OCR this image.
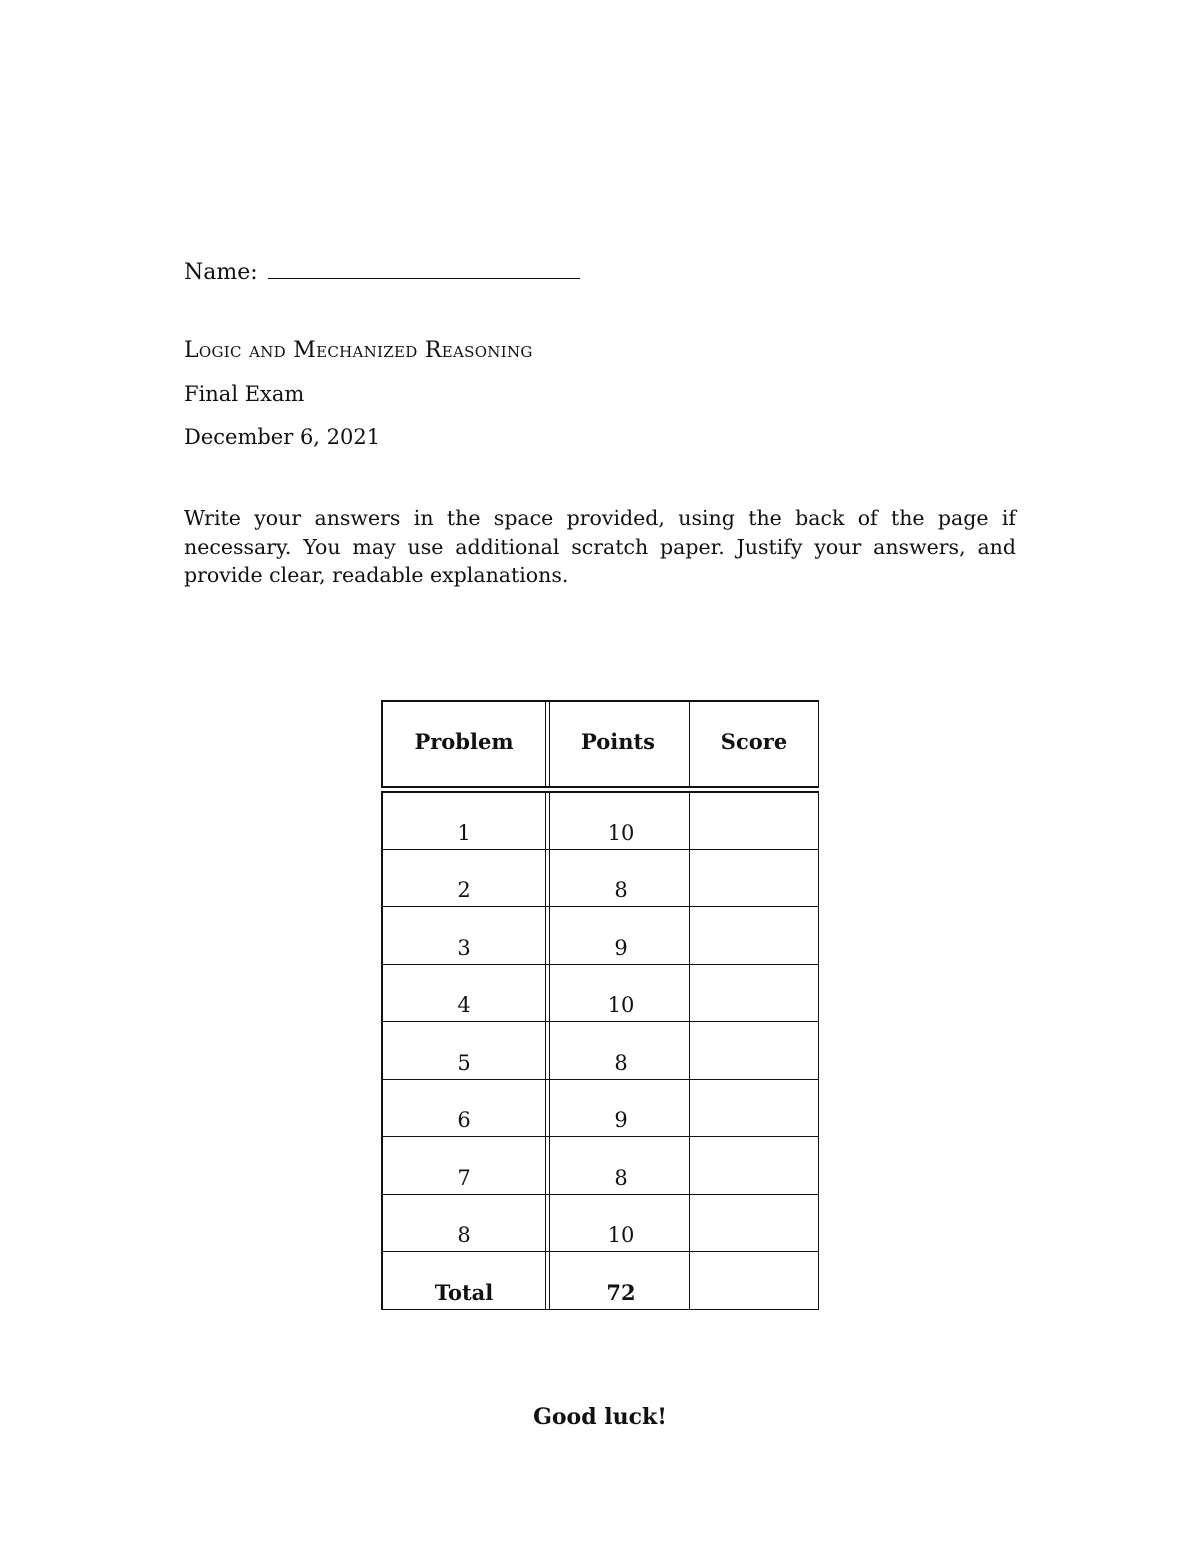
Name:
Logic and Mechanized Reasoning
Final Exam
December 6, 2021

Write your answers in the space provided, using the back of the page if necessary. You may use additional scratch paper. Justify your answers, and provide clear, readable explanations.

Problem	Points	Score
1	10
2	8
3	9
4	10
5	8
6	9
7	8
8	10
Total	72
Good luck!
